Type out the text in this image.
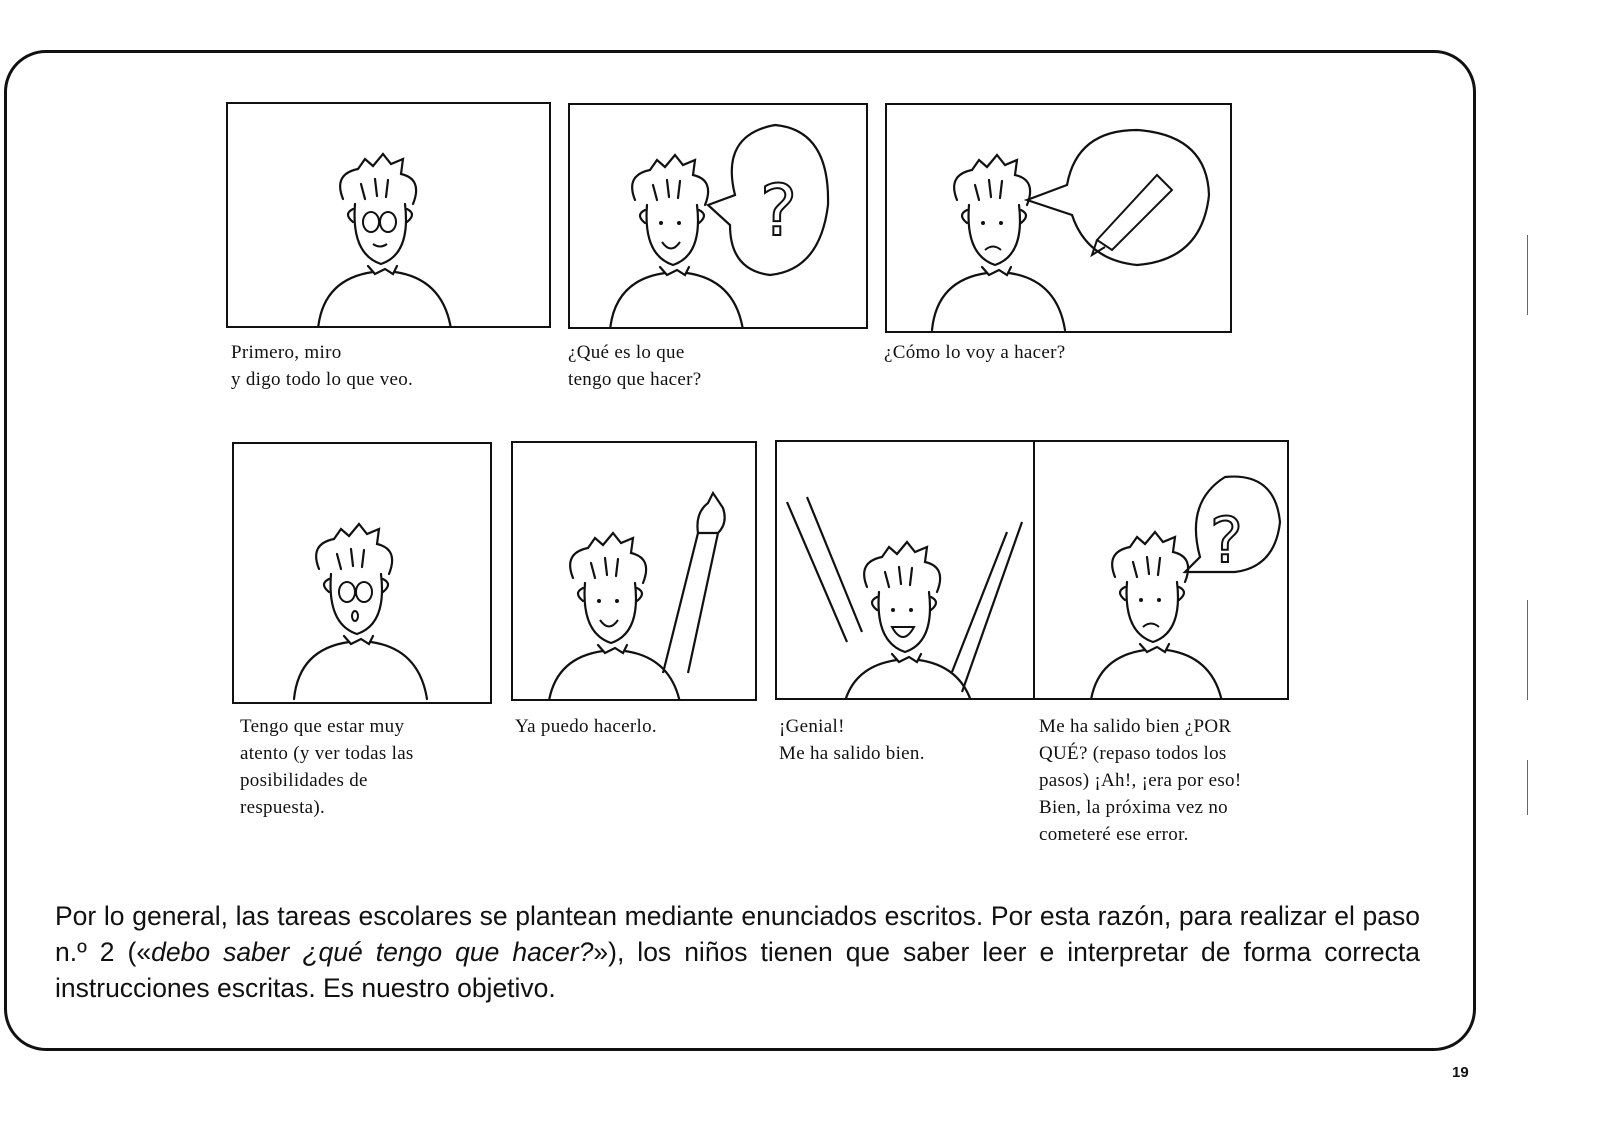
?
?
Primero, miro
y digo todo lo que veo.
¿Qué es lo que
tengo que hacer?
¿Cómo lo voy a hacer?
Tengo que estar muy
atento (y ver todas las
posibilidades de
respuesta).
Ya puedo hacerlo.	¡Genial!
Me ha salido bien.
Me ha salido bien ¿POR
QUÉ? (repaso todos los
pasos) ¡Ah!, ¡era por eso!
Bien, la próxima vez no
cometeré ese error.
Por lo general, las tareas escolares se plantean mediante enunciados escritos. Por esta razón, para realizar el paso n.º 2 («debo saber ¿qué tengo que hacer?»), los niños tienen que saber leer e interpretar de forma correcta instrucciones escritas. Es nuestro objetivo.
19
